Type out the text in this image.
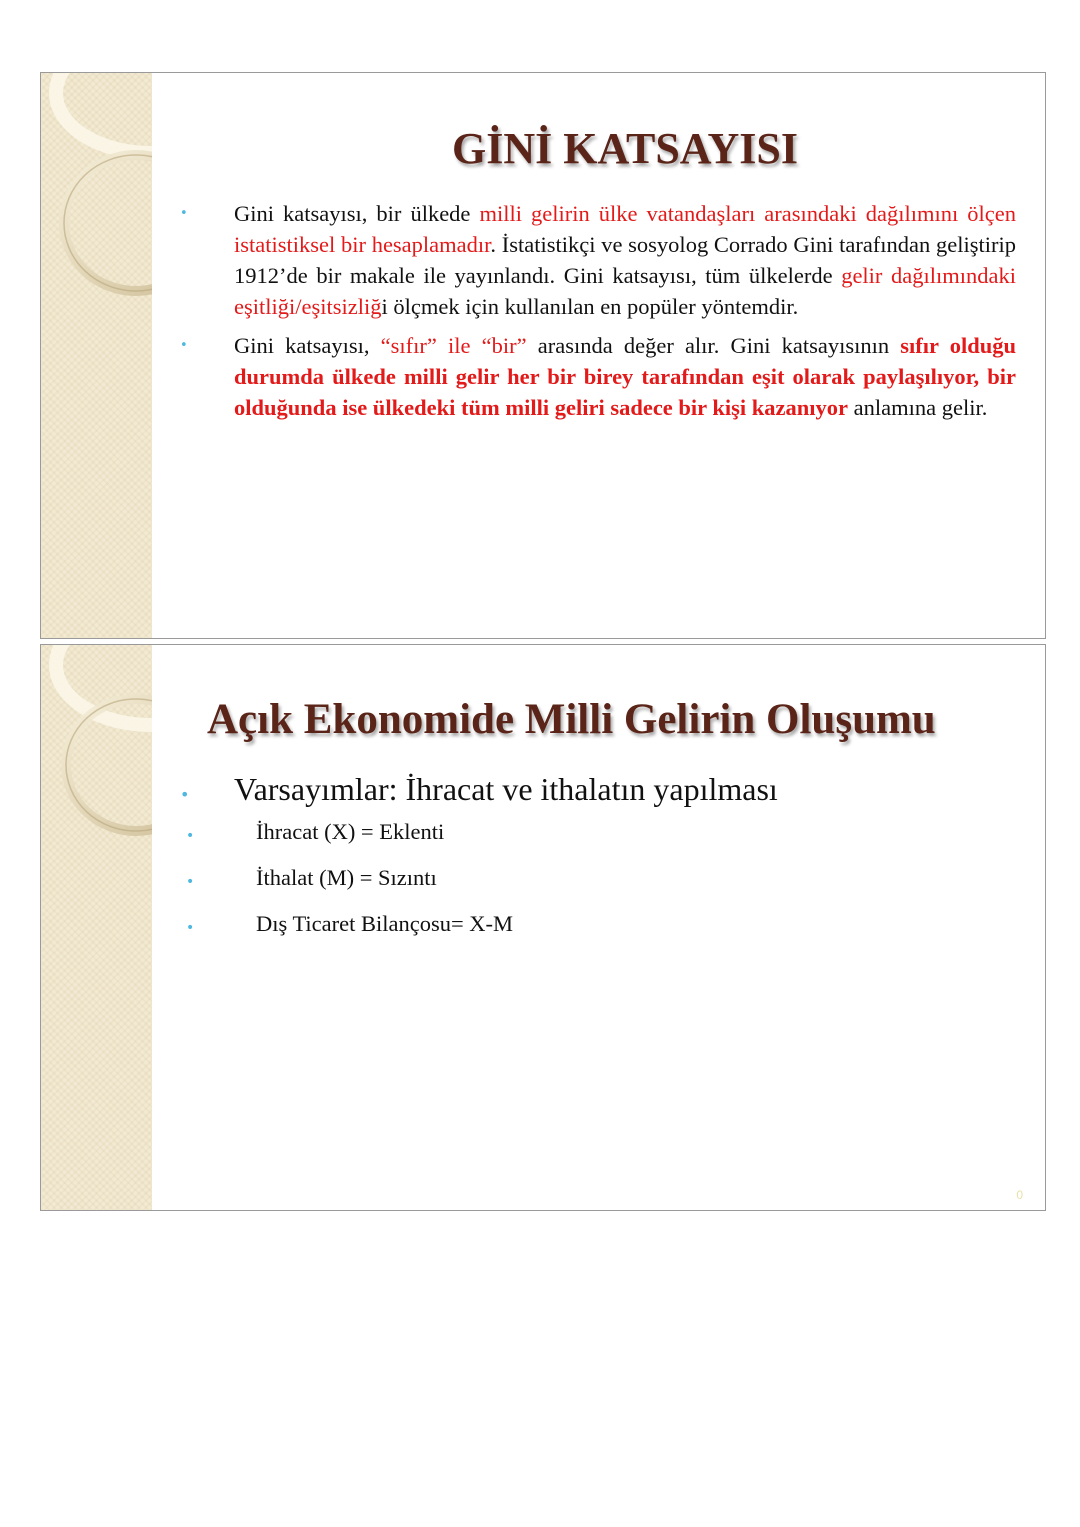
GİNİ KATSAYISI
• Gini katsayısı, bir ülkede milli gelirin ülke vatandaşları arasındaki dağılımını ölçen istatistiksel bir hesaplamadır. İstatistikçi ve sosyolog Corrado Gini tarafından geliştirip 1912’de bir makale ile yayınlandı. Gini katsayısı, tüm ülkelerde gelir dağılımındaki eşitliği/eşitsizliği ölçmek için kullanılan en popüler yöntemdir.
• Gini katsayısı, “sıfır” ile “bir” arasında değer alır. Gini katsayısının sıfır olduğu durumda ülkede milli gelir her bir birey tarafından eşit olarak paylaşılıyor, bir olduğunda ise ülkedeki tüm milli geliri sadece bir kişi kazanıyor anlamına gelir.
Açık Ekonomide Milli Gelirin Oluşumu
• Varsayımlar: İhracat ve ithalatın yapılması
•	İhracat (X) = Eklenti
•	İthalat (M) = Sızıntı
•	Dış Ticaret Bilançosu= X-M
0
